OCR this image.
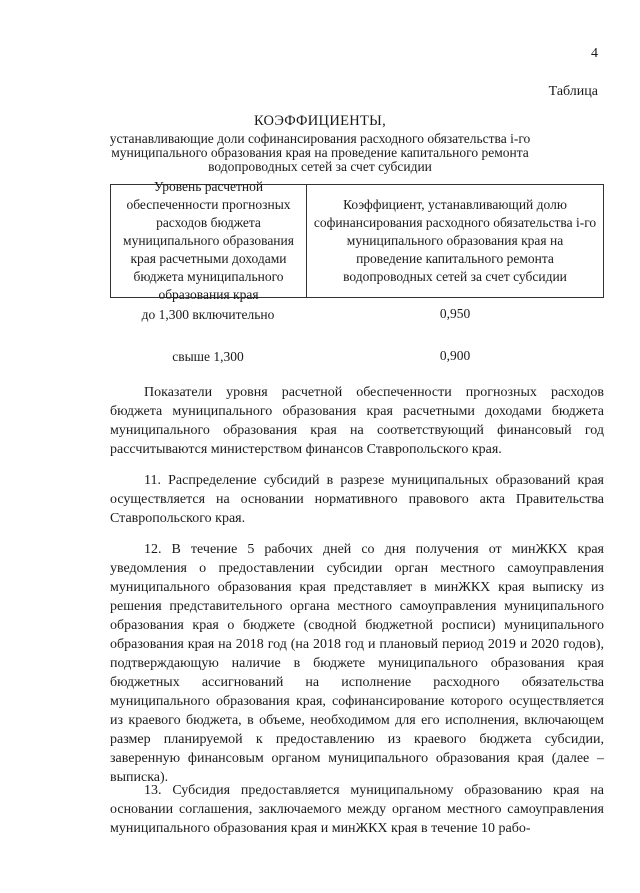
4
Таблица
КОЭФФИЦИЕНТЫ,
устанавливающие доли софинансирования расходного обязательства i-го муниципального образования края на проведение капитального ремонта водопроводных сетей за счет субсидии
Уровень расчетной обеспеченности прогнозных расходов бюджета муниципального образования края расчетными доходами бюджета муниципального образования края
Коэффициент, устанавливающий долю софинансирования расходного обязательства i-го муниципального образования края на проведение капитального ремонта водопроводных сетей за счет субсидии
до 1,300 включительно	0,950
свыше 1,300	0,900
Показатели уровня расчетной обеспеченности прогнозных расходов бюджета муниципального образования края расчетными доходами бюджета муниципального образования края на соответствующий финансовый год рассчитываются министерством финансов Ставропольского края.
11. Распределение субсидий в разрезе муниципальных образований края осуществляется на основании нормативного правового акта Правительства Ставропольского края.
12. В течение 5 рабочих дней со дня получения от минЖКХ края уведомления о предоставлении субсидии орган местного самоуправления муниципального образования края представляет в минЖКХ края выписку из решения представительного органа местного самоуправления муниципального образования края о бюджете (сводной бюджетной росписи) муниципального образования края на 2018 год (на 2018 год и плановый период 2019 и 2020 годов), подтверждающую наличие в бюджете муниципального образования края бюджетных ассигнований на исполнение расходного обязательства муниципального образования края, софинансирование которого осуществляется из краевого бюджета, в объеме, необходимом для его исполнения, включающем размер планируемой к предоставлению из краевого бюджета субсидии, заверенную финансовым органом муниципального образования края (далее – выписка).
13. Субсидия предоставляется муниципальному образованию края на основании соглашения, заключаемого между органом местного самоуправления муниципального образования края и минЖКХ края в течение 10 рабо-
